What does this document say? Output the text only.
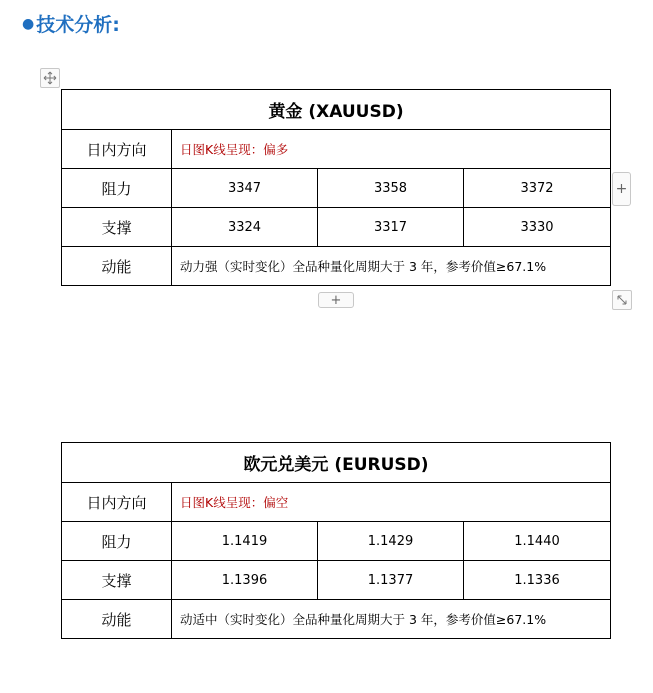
● 技术分析:
黄金 (XAUUSD)			
日内方向	日图K线呈现：偏多		
阻力	3347	3358	3372
支撑	3324	3317	3330
动能	动力强（实时变化）全品种量化周期大于 3 年，参考价值≥67.1%		
+
+
欧元兑美元 (EURUSD)			
日内方向	日图K线呈现：偏空		
阻力	1.1419	1.1429	1.1440
支撑	1.1396	1.1377	1.1336
动能	动适中（实时变化）全品种量化周期大于 3 年，参考价值≥67.1%		
